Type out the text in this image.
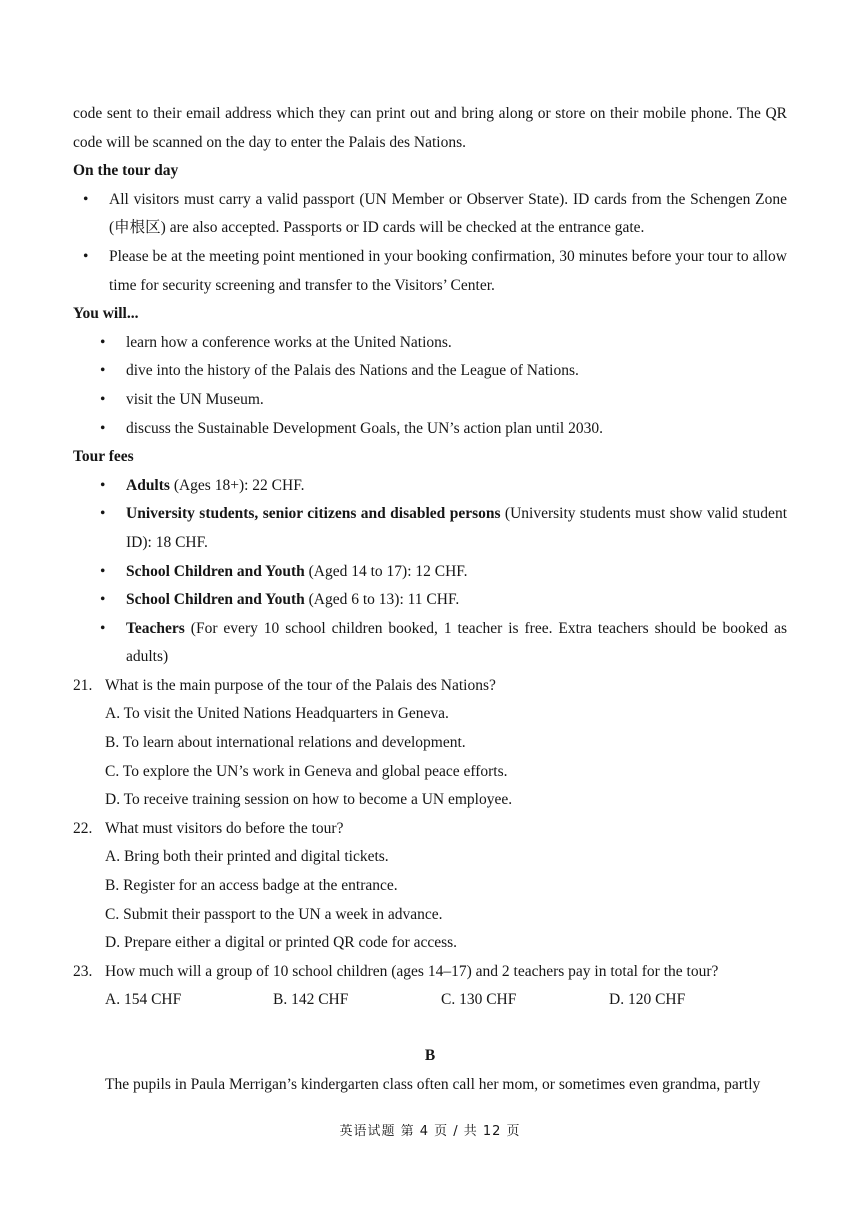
code sent to their email address which they can print out and bring along or store on their mobile phone. The QR code will be scanned on the day to enter the Palais des Nations.

On the tour day
• All visitors must carry a valid passport (UN Member or Observer State). ID cards from the Schengen Zone (申根区) are also accepted. Passports or ID cards will be checked at the entrance gate.
• Please be at the meeting point mentioned in your booking confirmation, 30 minutes before your tour to allow time for security screening and transfer to the Visitors’ Center.
You will...
• learn how a conference works at the United Nations.
• dive into the history of the Palais des Nations and the League of Nations.
• visit the UN Museum.
• discuss the Sustainable Development Goals, the UN’s action plan until 2030.
Tour fees
• Adults (Ages 18+): 22 CHF.
• University students, senior citizens and disabled persons (University students must show valid student ID): 18 CHF.
• School Children and Youth (Aged 14 to 17): 12 CHF.
• School Children and Youth (Aged 6 to 13): 11 CHF.
• Teachers (For every 10 school children booked, 1 teacher is free. Extra teachers should be booked as adults)
21. What is the main purpose of the tour of the Palais des Nations?
A. To visit the United Nations Headquarters in Geneva.
B. To learn about international relations and development.
C. To explore the UN’s work in Geneva and global peace efforts.
D. To receive training session on how to become a UN employee.
22. What must visitors do before the tour?
A. Bring both their printed and digital tickets.
B. Register for an access badge at the entrance.
C. Submit their passport to the UN a week in advance.
D. Prepare either a digital or printed QR code for access.
23. How much will a group of 10 school children (ages 14–17) and 2 teachers pay in total for the tour?
A. 154 CHF	B. 142 CHF	C. 130 CHF	D. 120 CHF
B

The pupils in Paula Merrigan’s kindergarten class often call her mom, or sometimes even grandma, partly

英语试题 第 4 页 / 共 12 页
